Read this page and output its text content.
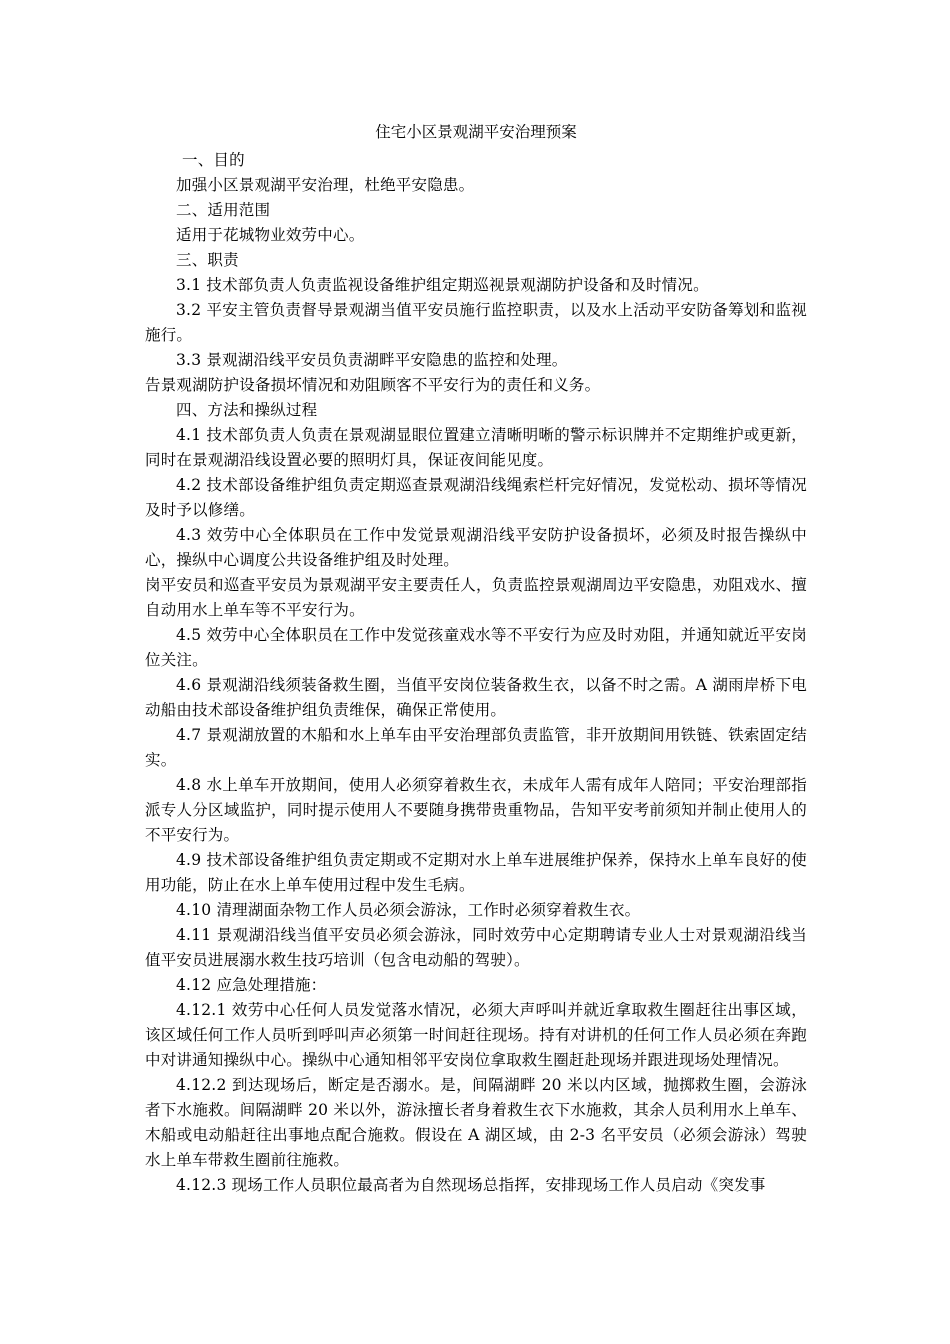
住宅小区景观湖平安治理预案

一、目的

加强小区景观湖平安治理，杜绝平安隐患。

二、适用范围

适用于花城物业效劳中心。

三、职责

3.1 技术部负责人负责监视设备维护组定期巡视景观湖防护设备和及时情况。

3.2 平安主管负责督导景观湖当值平安员施行监控职责，以及水上活动平安防备筹划和监视施行。

3.3 景观湖沿线平安员负责湖畔平安隐患的监控和处理。

告景观湖防护设备损坏情况和劝阻顾客不平安行为的责任和义务。

四、方法和操纵过程

4.1 技术部负责人负责在景观湖显眼位置建立清晰明晰的警示标识牌并不定期维护或更新，同时在景观湖沿线设置必要的照明灯具，保证夜间能见度。

4.2 技术部设备维护组负责定期巡查景观湖沿线绳索栏杆完好情况，发觉松动、损坏等情况及时予以修缮。

4.3 效劳中心全体职员在工作中发觉景观湖沿线平安防护设备损坏，必须及时报告操纵中心，操纵中心调度公共设备维护组及时处理。

岗平安员和巡查平安员为景观湖平安主要责任人，负责监控景观湖周边平安隐患，劝阻戏水、擅自动用水上单车等不平安行为。

4.5 效劳中心全体职员在工作中发觉孩童戏水等不平安行为应及时劝阻，并通知就近平安岗位关注。

4.6 景观湖沿线须装备救生圈，当值平安岗位装备救生衣，以备不时之需。A 湖雨岸桥下电动船由技术部设备维护组负责维保，确保正常使用。

4.7 景观湖放置的木船和水上单车由平安治理部负责监管，非开放期间用铁链、铁索固定结实。

4.8 水上单车开放期间，使用人必须穿着救生衣，未成年人需有成年人陪同；平安治理部指派专人分区域监护，同时提示使用人不要随身携带贵重物品，告知平安考前须知并制止使用人的不平安行为。

4.9 技术部设备维护组负责定期或不定期对水上单车进展维护保养，保持水上单车良好的使用功能，防止在水上单车使用过程中发生毛病。

4.10 清理湖面杂物工作人员必须会游泳，工作时必须穿着救生衣。

4.11 景观湖沿线当值平安员必须会游泳，同时效劳中心定期聘请专业人士对景观湖沿线当值平安员进展溺水救生技巧培训（包含电动船的驾驶）。

4.12 应急处理措施：

4.12.1 效劳中心任何人员发觉落水情况，必须大声呼叫并就近拿取救生圈赶往出事区域，该区域任何工作人员听到呼叫声必须第一时间赶往现场。持有对讲机的任何工作人员必须在奔跑中对讲通知操纵中心。操纵中心通知相邻平安岗位拿取救生圈赶赴现场并跟进现场处理情况。

4.12.2 到达现场后，断定是否溺水。是，间隔湖畔 20 米以内区域，抛掷救生圈，会游泳者下水施救。间隔湖畔 20 米以外，游泳擅长者身着救生衣下水施救，其余人员利用水上单车、木船或电动船赶往出事地点配合施救。假设在 A 湖区域，由 2-3 名平安员（必须会游泳）驾驶水上单车带救生圈前往施救。

4.12.3 现场工作人员职位最高者为自然现场总指挥，安排现场工作人员启动《突发事
